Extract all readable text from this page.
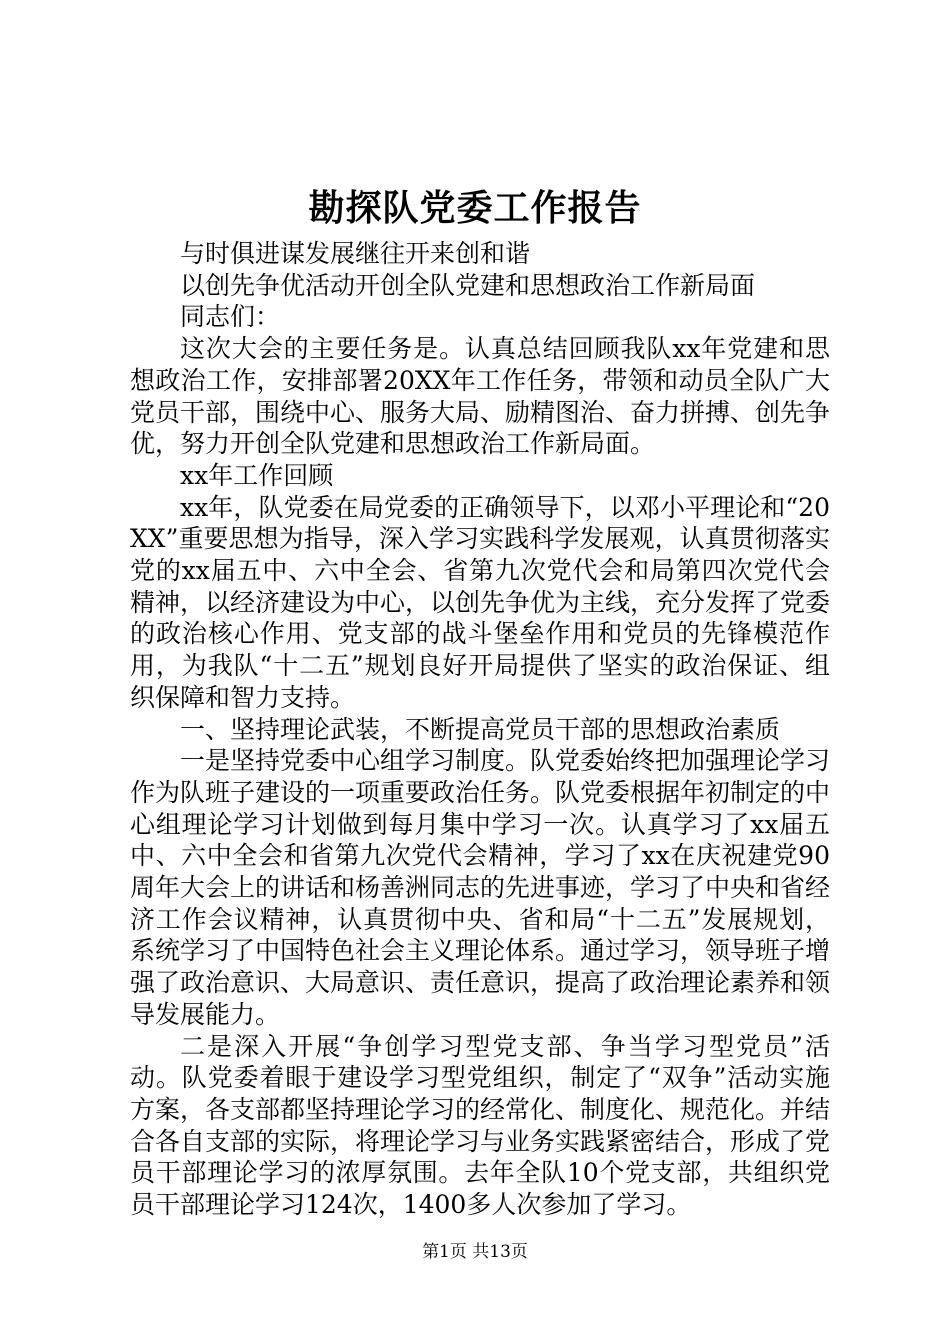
勘探队党委工作报告

与时俱进谋发展继往开来创和谐

以创先争优活动开创全队党建和思想政治工作新局面

同志们：

这次大会的主要任务是。认真总结回顾我队xx年党建和思想政治工作，安排部署20XX年工作任务，带领和动员全队广大党员干部，围绕中心、服务大局、励精图治、奋力拼搏、创先争优，努力开创全队党建和思想政治工作新局面。

xx年工作回顾

xx年，队党委在局党委的正确领导下，以邓小平理论和“20XX”重要思想为指导，深入学习实践科学发展观，认真贯彻落实党的xx届五中、六中全会、省第九次党代会和局第四次党代会精神，以经济建设为中心，以创先争优为主线，充分发挥了党委的政治核心作用、党支部的战斗堡垒作用和党员的先锋模范作用，为我队“十二五”规划良好开局提供了坚实的政治保证、组织保障和智力支持。

一、坚持理论武装，不断提高党员干部的思想政治素质

一是坚持党委中心组学习制度。队党委始终把加强理论学习作为队班子建设的一项重要政治任务。队党委根据年初制定的中心组理论学习计划做到每月集中学习一次。认真学习了xx届五中、六中全会和省第九次党代会精神，学习了xx在庆祝建党90周年大会上的讲话和杨善洲同志的先进事迹，学习了中央和省经济工作会议精神，认真贯彻中央、省和局“十二五”发展规划，系统学习了中国特色社会主义理论体系。通过学习，领导班子增强了政治意识、大局意识、责任意识，提高了政治理论素养和领导发展能力。

二是深入开展“争创学习型党支部、争当学习型党员”活动。队党委着眼于建设学习型党组织，制定了“双争”活动实施方案，各支部都坚持理论学习的经常化、制度化、规范化。并结合各自支部的实际，将理论学习与业务实践紧密结合，形成了党员干部理论学习的浓厚氛围。去年全队10个党支部，共组织党员干部理论学习124次，1400多人次参加了学习。

第1页 共13页
